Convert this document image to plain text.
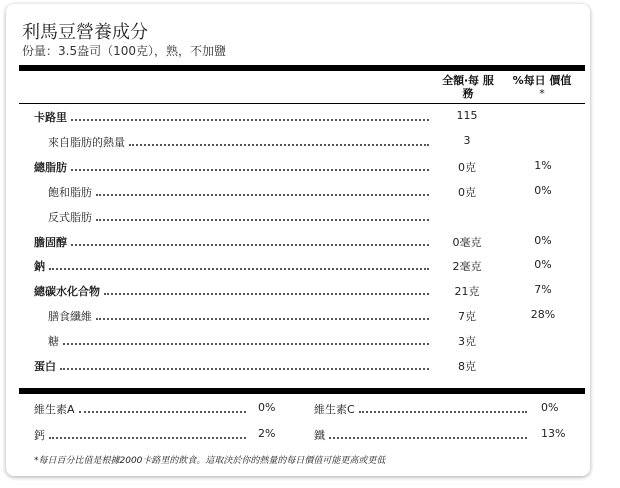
利馬豆營養成分
份量：3.5盎司（100克），熟，不加鹽
全額‧每 服務
%每日 價值 *
卡路里	115
來自脂肪的熱量	3
總脂肪	0克	1%
飽和脂肪	0克	0%
反式脂肪
膽固醇	0毫克	0%
鈉	2毫克	0%
總碳水化合物	21克	7%
膳食纖維	7克	28%
糖	3克
蛋白	8克
維生素A	0%	維生素C	0%
鈣	2%	鐵	13%
*每日百分比值是根據2000卡路里的飲食。這取決於你的熱量的每日價值可能更高或更低
